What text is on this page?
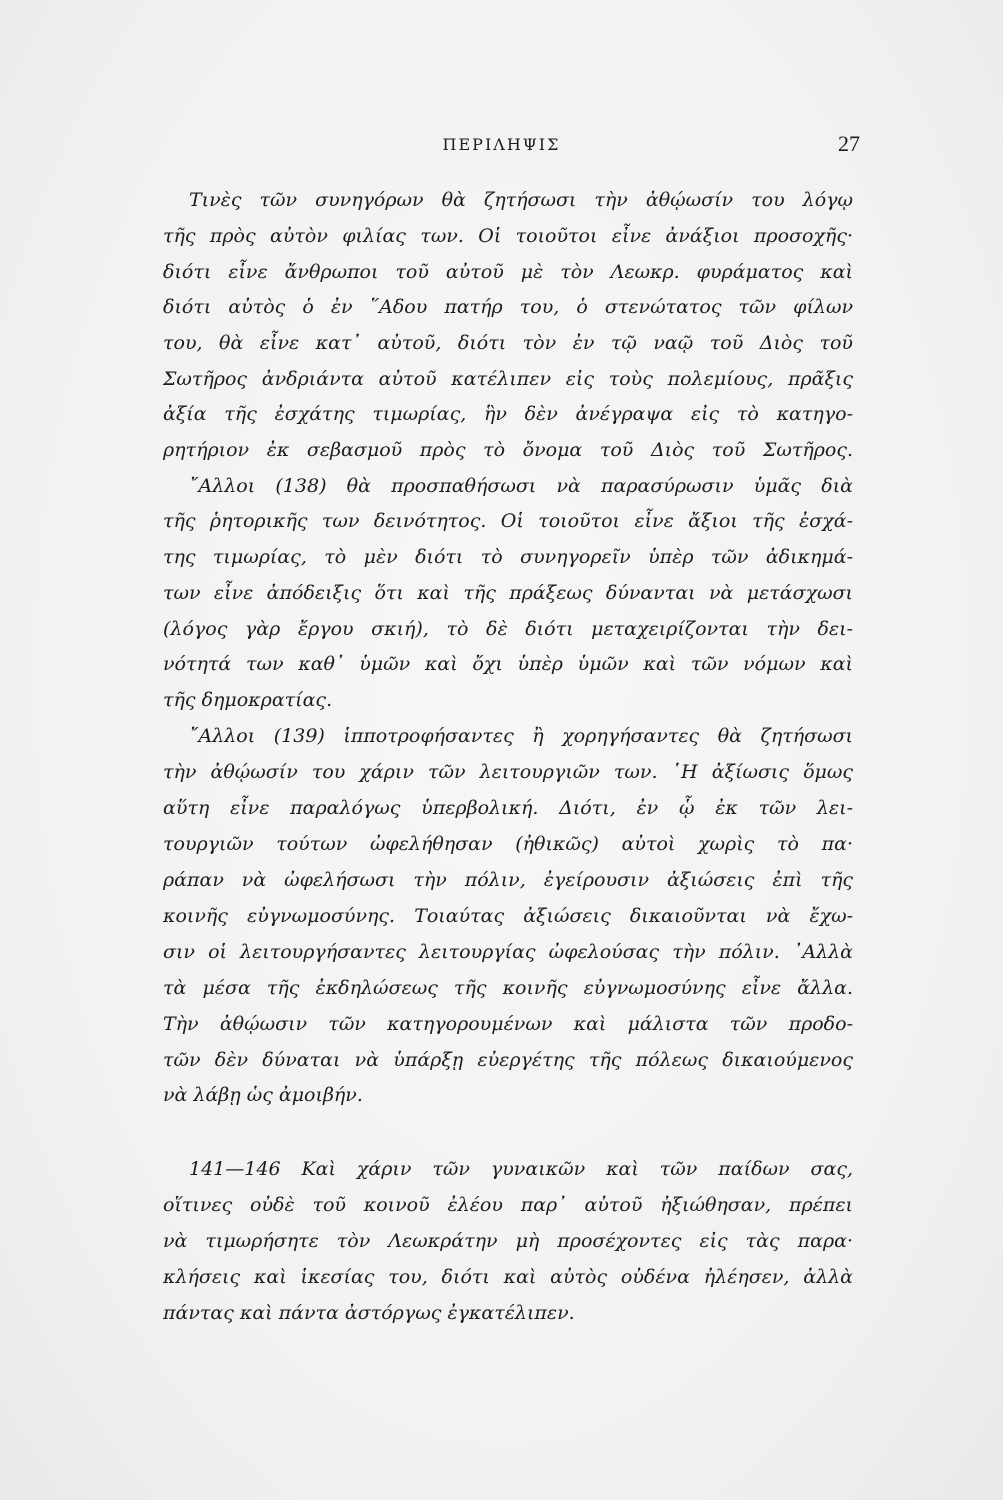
ΠΕΡΙΛΗΨΙΣ	27
Τινὲς τῶν συνηγόρων θὰ ζητήσωσι τὴν ἀθῴωσίν του λόγῳ
τῆς πρὸς αὐτὸν φιλίας των. Οἱ τοιοῦτοι εἶνε ἀνάξιοι προσοχῆς·
διότι εἶνε ἄνθρωποι τοῦ αὐτοῦ μὲ τὸν Λεωκρ. φυράματος καὶ
διότι αὐτὸς ὁ ἐν ῞Αδου πατήρ του, ὁ στενώτατος τῶν φίλων
του, θὰ εἶνε κατ᾽ αὐτοῦ, διότι τὸν ἐν τῷ ναῷ τοῦ Διὸς τοῦ
Σωτῆρος ἀνδριάντα αὐτοῦ κατέλιπεν εἰς τοὺς πολεμίους, πρᾶξις
ἀξία τῆς ἐσχάτης τιμωρίας, ἣν δὲν ἀνέγραψα εἰς τὸ κατηγο-
ρητήριον ἐκ σεβασμοῦ πρὸς τὸ ὄνομα τοῦ Διὸς τοῦ Σωτῆρος.
῎Αλλοι (138) θὰ προσπαθήσωσι νὰ παρασύρωσιν ὑμᾶς διὰ
τῆς ῥητορικῆς των δεινότητος. Οἱ τοιοῦτοι εἶνε ἄξιοι τῆς ἐσχά-
της τιμωρίας, τὸ μὲν διότι τὸ συνηγορεῖν ὑπὲρ τῶν ἀδικημά-
των εἶνε ἀπόδειξις ὅτι καὶ τῆς πράξεως δύνανται νὰ μετάσχωσι
(λόγος γὰρ ἔργου σκιή), τὸ δὲ διότι μεταχειρίζονται τὴν δει-
νότητά των καθ᾽ ὑμῶν καὶ ὄχι ὑπὲρ ὑμῶν καὶ τῶν νόμων καὶ
τῆς δημοκρατίας.
῎Αλλοι (139) ἱπποτροφήσαντες ἢ χορηγήσαντες θὰ ζητήσωσι
τὴν ἀθῴωσίν του χάριν τῶν λειτουργιῶν των. ῾Η ἀξίωσις ὅμως
αὕτη εἶνε παραλόγως ὑπερβολική. Διότι, ἐν ᾧ ἐκ τῶν λει-
τουργιῶν τούτων ὠφελήθησαν (ἠθικῶς) αὐτοὶ χωρὶς τὸ πα·
ράπαν νὰ ὠφελήσωσι τὴν πόλιν, ἐγείρουσιν ἀξιώσεις ἐπὶ τῆς
κοινῆς εὐγνωμοσύνης. Τοιαύτας ἀξιώσεις δικαιοῦνται νὰ ἔχω-
σιν οἱ λειτουργήσαντες λειτουργίας ὠφελούσας τὴν πόλιν. ᾿Αλλὰ
τὰ μέσα τῆς ἐκδηλώσεως τῆς κοινῆς εὐγνωμοσύνης εἶνε ἄλλα.
Τὴν ἀθῴωσιν τῶν κατηγορουμένων καὶ μάλιστα τῶν προδο-
τῶν δὲν δύναται νὰ ὑπάρξῃ εὐεργέτης τῆς πόλεως δικαιούμενος
νὰ λάβῃ ὡς ἀμοιβήν.
141—146 Καὶ χάριν τῶν γυναικῶν καὶ τῶν παίδων σας,
οἵτινες οὐδὲ τοῦ κοινοῦ ἐλέου παρ᾽ αὐτοῦ ἠξιώθησαν, πρέπει
νὰ τιμωρήσητε τὸν Λεωκράτην μὴ προσέχοντες εἰς τὰς παρα·
κλήσεις καὶ ἱκεσίας του, διότι καὶ αὐτὸς οὐδένα ἠλέησεν, ἀλλὰ
πάντας καὶ πάντα ἀστόργως ἐγκατέλιπεν.
